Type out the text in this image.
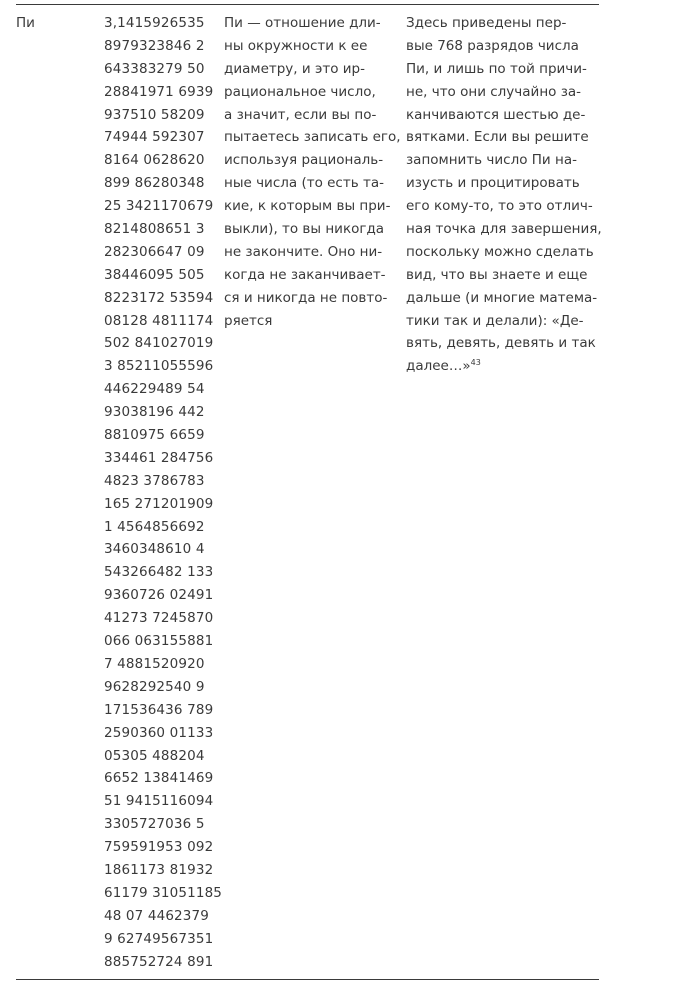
Пи	3,1415926535
8979323846 2
643383279 50
28841971 6939
937510 58209
74944 592307
8164 0628620
899 86280348
25 3421170679
8214808651 3
282306647 09
38446095 505
8223172 53594
08128 4811174
502 841027019
3 85211055596
446229489 54
93038196 442
8810975 6659
334461 284756
4823 3786783
165 271201909
1 4564856692
3460348610 4
543266482 133
9360726 02491
41273 7245870
066 063155881
7 4881520920
9628292540 9
171536436 789
2590360 01133
05305 488204
6652 13841469
51 9415116094
3305727036 5
759591953 092
1861173 81932
61179 31051185
48 07 4462379
9 62749567351
885752724 891
Пи — отношение дли-
ны окружности к ее
диаметру, и это ир-
рациональное число,
а значит, если вы по-
пытаетесь записать его,
используя рациональ-
ные числа (то есть та-
кие, к которым вы при-
выкли), то вы никогда
не закончите. Оно ни-
когда не заканчивает-
ся и никогда не повто-
ряется
Здесь приведены пер-
вые 768 разрядов числа
Пи, и лишь по той причи-
не, что они случайно за-
канчиваются шестью де-
вятками. Если вы решите
запомнить число Пи на-
изусть и процитировать
его кому-то, то это отлич-
ная точка для завершения,
поскольку можно сделать
вид, что вы знаете и еще
дальше (и многие матема-
тики так и делали): «Де-
вять, девять, девять и так
далее…»$^{43}$
